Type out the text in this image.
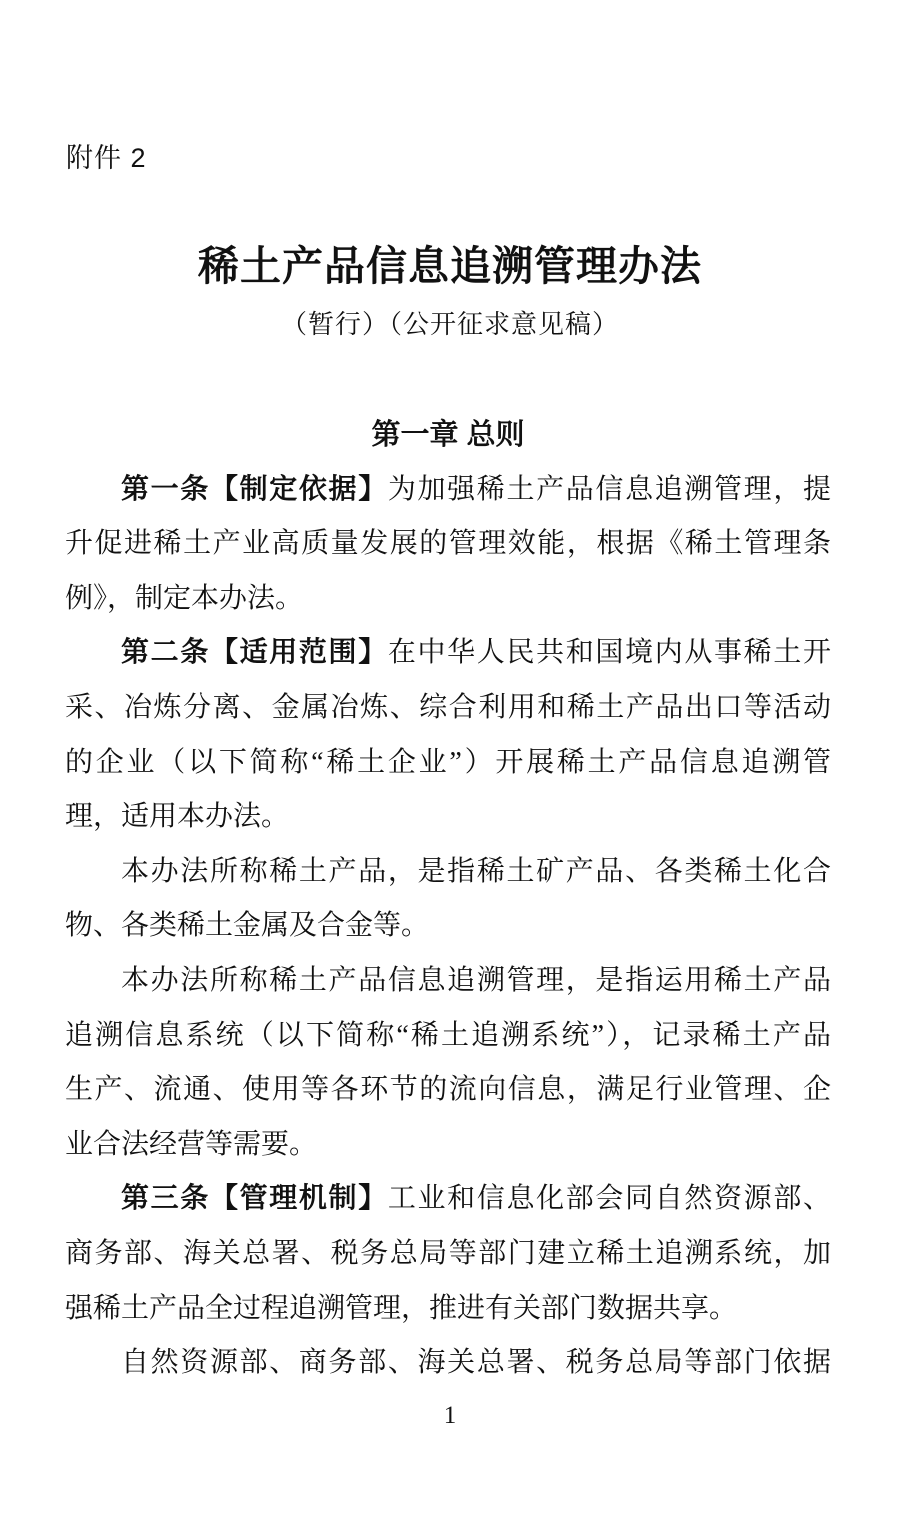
附件 2
稀土产品信息追溯管理办法
（暂行）（公开征求意见稿）

第一章 总则

第一条【制定依据】为加强稀土产品信息追溯管理，提

升促进稀土产业高质量发展的管理效能，根据《稀土管理条

例》，制定本办法。

第二条【适用范围】在中华人民共和国境内从事稀土开

采、冶炼分离、金属冶炼、综合利用和稀土产品出口等活动

的企业（以下简称“稀土企业”）开展稀土产品信息追溯管

理，适用本办法。

本办法所称稀土产品，是指稀土矿产品、各类稀土化合

物、各类稀土金属及合金等。

本办法所称稀土产品信息追溯管理，是指运用稀土产品

追溯信息系统（以下简称“稀土追溯系统”），记录稀土产品

生产、流通、使用等各环节的流向信息，满足行业管理、企

业合法经营等需要。

第三条【管理机制】工业和信息化部会同自然资源部、

商务部、海关总署、税务总局等部门建立稀土追溯系统，加

强稀土产品全过程追溯管理，推进有关部门数据共享。

自然资源部、商务部、海关总署、税务总局等部门依据

1
